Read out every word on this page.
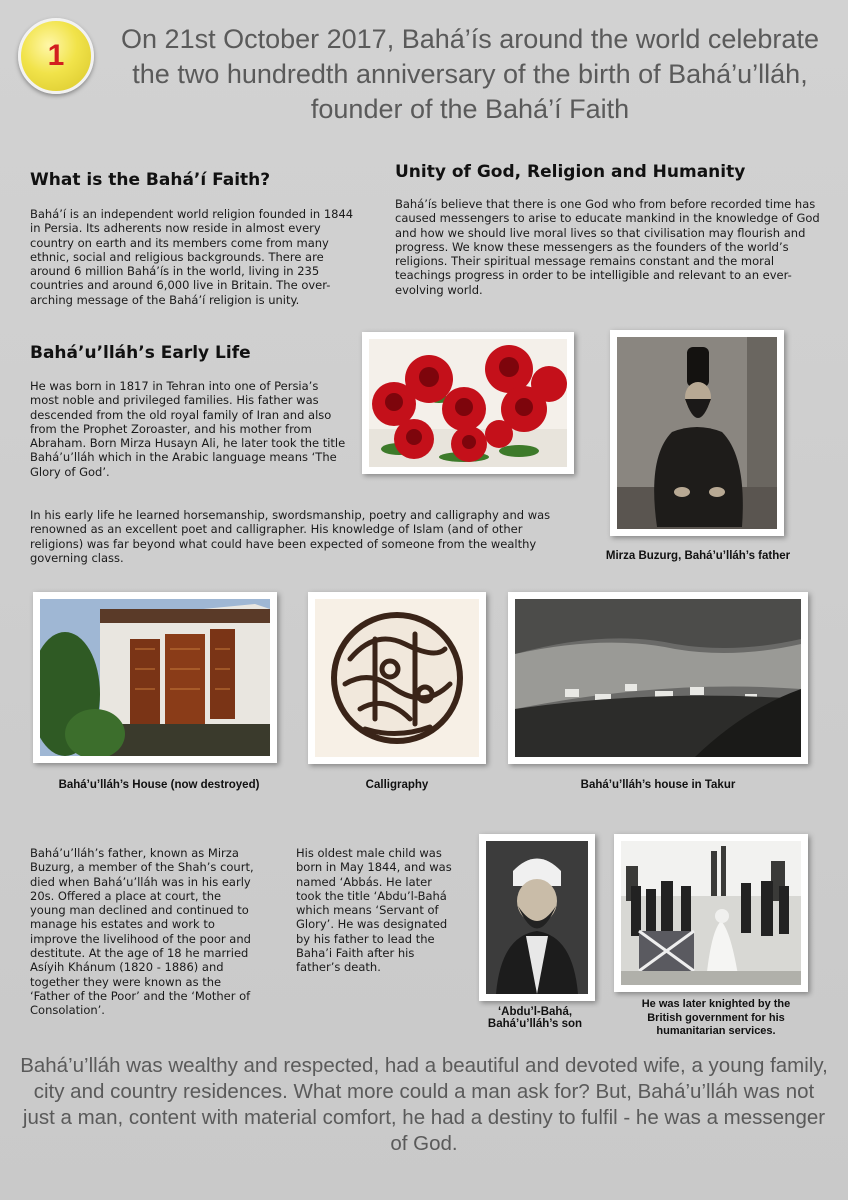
1	On 21st October 2017, Bahá’ís around the world celebrate the two hundredth anniversary of the birth of Bahá’u’lláh, founder of the Bahá’í Faith
What is the Bahá’í Faith?

Bahá’í is an independent world religion founded in 1844 in Persia. Its adherents now reside in almost every country on earth and its members come from many ethnic, social and religious backgrounds. There are around 6 million Bahá’ís in the world, living in 235 countries and around 6,000 live in Britain. The over-arching message of the Bahá’í religion is unity.

Unity of God, Religion and Humanity

Bahá’ís believe that there is one God who from before recorded time has caused messengers to arise to educate mankind in the knowledge of God and how we should live moral lives so that civilisation may flourish and progress. We know these messengers as the founders of the world’s religions. Their spiritual message remains constant and the moral teachings progress in order to be intelligible and relevant to an ever-evolving world.

Bahá’u’lláh’s Early Life

He was born in 1817 in Tehran into one of Persia’s most noble and privileged families. His father was descended from the old royal family of Iran and also from the Prophet Zoroaster, and his mother from Abraham. Born Mirza Husayn Ali, he later took the title Bahá’u’lláh which in the Arabic language means ‘The Glory of God’.

In his early life he learned horsemanship, swordsmanship, poetry and calligraphy and was renowned as an excellent poet and calligrapher. His knowledge of Islam (and of other religions) was far beyond what could have been expected of someone from the wealthy governing class.	Mirza Buzurg, Bahá’u’lláh’s father
Bahá’u’lláh’s House (now destroyed)	Calligraphy	Bahá’u’lláh’s house in Takur

Bahá’u’lláh’s father, known as Mirza Buzurg, a member of the Shah’s court, died when Bahá’u’lláh was in his early 20s. Offered a place at court, the young man declined and continued to manage his estates and work to improve the livelihood of the poor and destitute. At the age of 18 he married Asíyih Khánum (1820 - 1886) and together they were known as the ‘Father of the Poor’ and the ‘Mother of Consolation’.

His oldest male child was born in May 1844, and was named ‘Abbás. He later took the title ‘Abdu’l-Bahá which means ‘Servant of Glory’. He was designated by his father to lead the Baha’i Faith after his father’s death.

‘Abdu’l-Bahá,
Bahá’u’lláh’s son
He was later knighted by the British government for his humanitarian services.
Bahá’u’lláh was wealthy and respected, had a beautiful and devoted wife, a young family, city and country residences. What more could a man ask for? But, Bahá’u’lláh was not just a man, content with material comfort, he had a destiny to fulfil - he was a messenger of God.
